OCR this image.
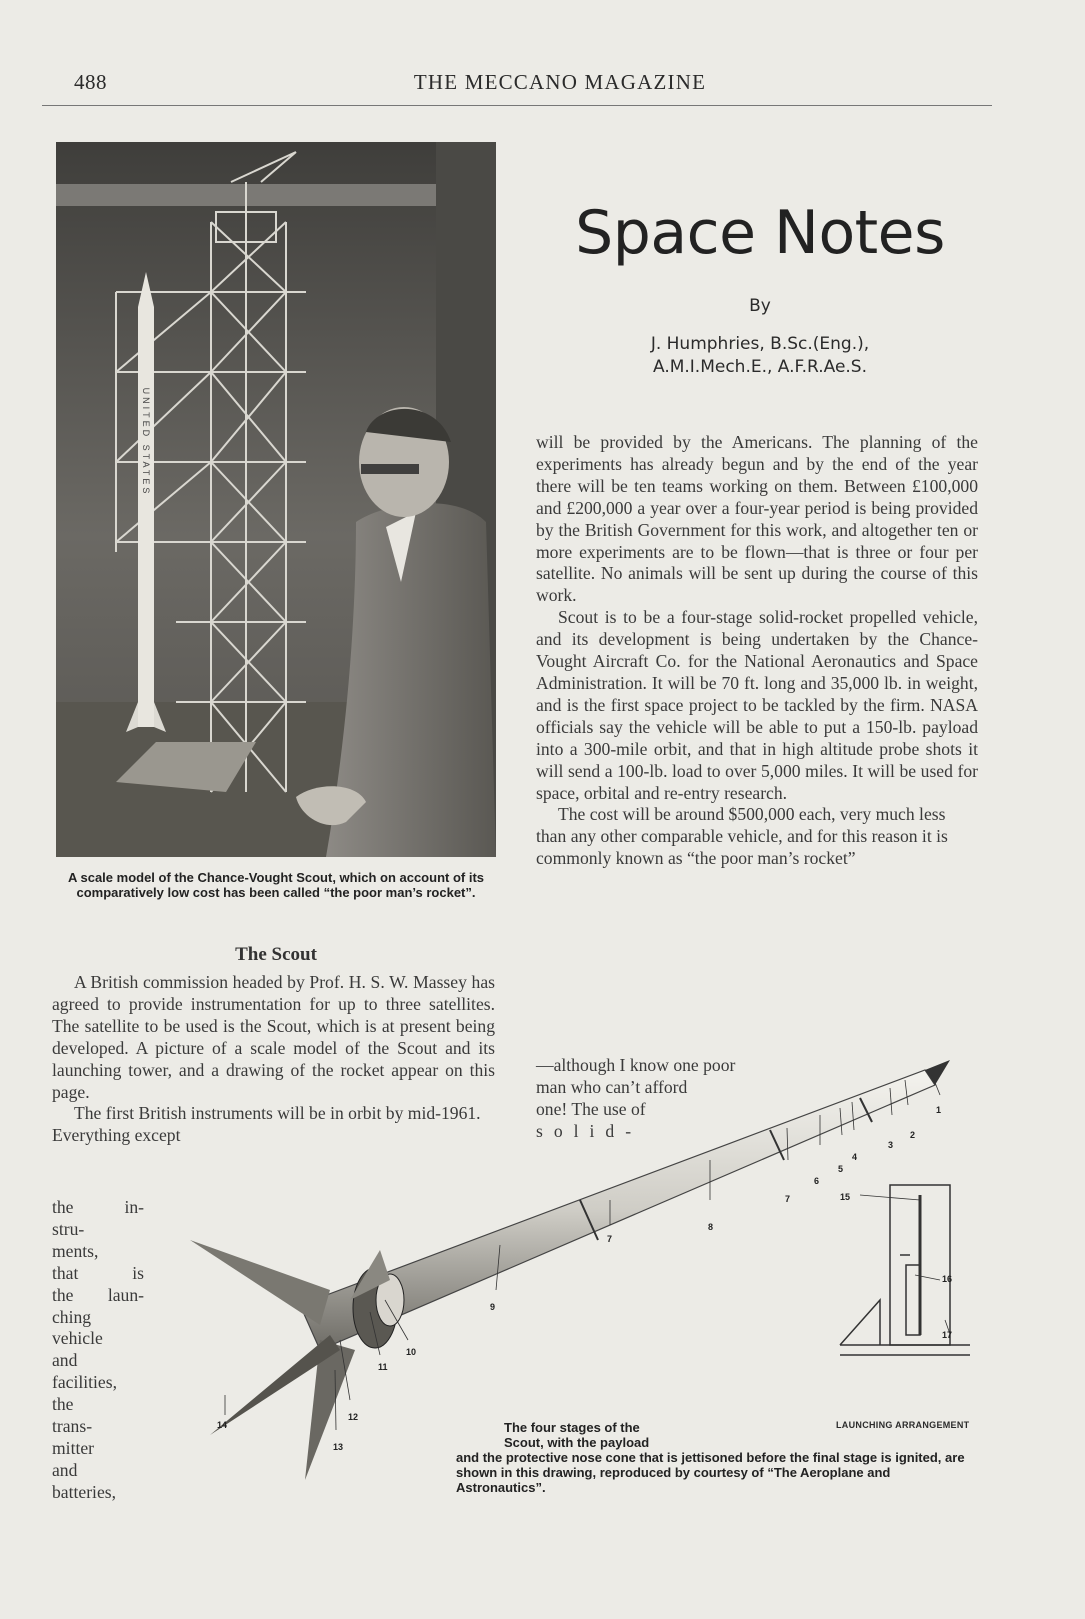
488	THE MECCANO MAGAZINE
UNITED STATES
A scale model of the Chance-Vought Scout, which on account of its comparatively low cost has been called “the poor man’s rocket”.
Space Notes
By
J. Humphries, B.Sc.(Eng.),
A.M.I.Mech.E., A.F.R.Ae.S.
The Scout

A British commission headed by Prof. H. S. W. Massey has agreed to provide instrumentation for up to three satellites. The satellite to be used is the Scout, which is at present being developed. A picture of a scale model of the Scout and its launching tower, and a drawing of the rocket appear on this page.

The first British instruments will be in orbit by mid-1961. Everything except

the in-
stru-
ments,
that is
the laun-
ching
vehicle
and
facilities,
the
trans-
mitter
and
batteries,

will be provided by the Americans. The planning of the experiments has already begun and by the end of the year there will be ten teams working on them. Between £100,000 and £200,000 a year over a four-year period is being provided by the British Government for this work, and altogether ten or more experiments are to be flown—that is three or four per satellite. No animals will be sent up during the course of this work.

Scout is to be a four-stage solid-rocket propelled vehicle, and its development is being undertaken by the Chance-Vought Aircraft Co. for the National Aeronautics and Space Administration. It will be 70 ft. long and 35,000 lb. in weight, and is the first space project to be tackled by the firm. NASA officials say the vehicle will be able to put a 150-lb. payload into a 300-mile orbit, and that in high altitude probe shots it will send a 100-lb. load to over 5,000 miles. It will be used for space, orbital and re-entry research.

The cost will be around $500,000 each, very much less than any other comparable vehicle, and for this reason it is commonly known as “the poor man’s rocket”

—although I know one poor
man who can’t afford
one! The use of
solid-
1
2
3
4
5
6
7
8
7
9
10
11
12
13
14
15
16
17
LAUNCHING ARRANGEMENT
The four stages of the
Scout, with the payload
and the protective nose cone that is jettisoned before the final stage is ignited, are shown in this drawing, reproduced by courtesy of “The Aeroplane and Astronautics”.
